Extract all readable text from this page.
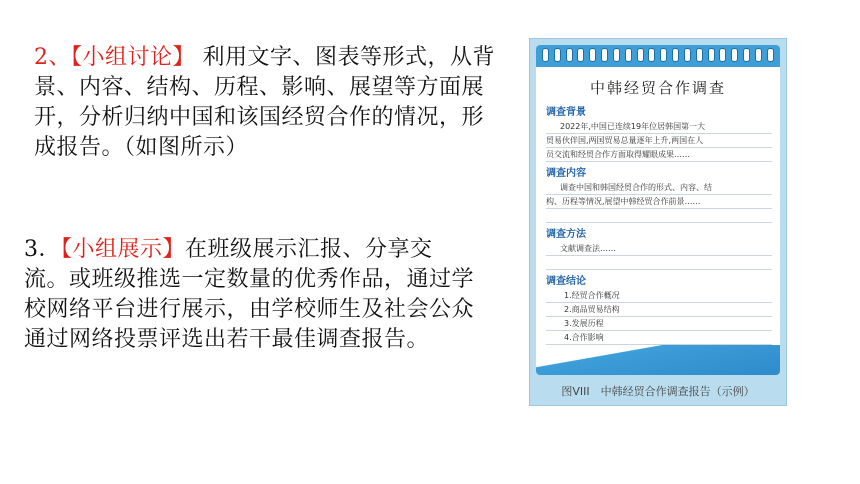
2、【小组讨论】 利用文字、图表等形式，从背景、内容、结构、历程、影响、展望等方面展开，分析归纳中国和该国经贸合作的情况，形成报告。（如图所示）
3．【小组展示】在班级展示汇报、分享交流。或班级推选一定数量的优秀作品，通过学校网络平台进行展示，由学校师生及社会公众通过网络投票评选出若干最佳调查报告。
中韩经贸合作调查
调查背景
2022年,中国已连续19年位居韩国第一大
贸易伙伴国,两国贸易总量逐年上升,两国在人
员交流和经贸合作方面取得耀眼成果……
调查内容
调查中国和韩国经贸合作的形式、内容、结
构、历程等情况,展望中韩经贸合作前景……

调查方法
文献调查法……

调查结论
1.经贸合作概况
2.商品贸易结构
3.发展历程
4.合作影响
图VIII　中韩经贸合作调查报告（示例）
